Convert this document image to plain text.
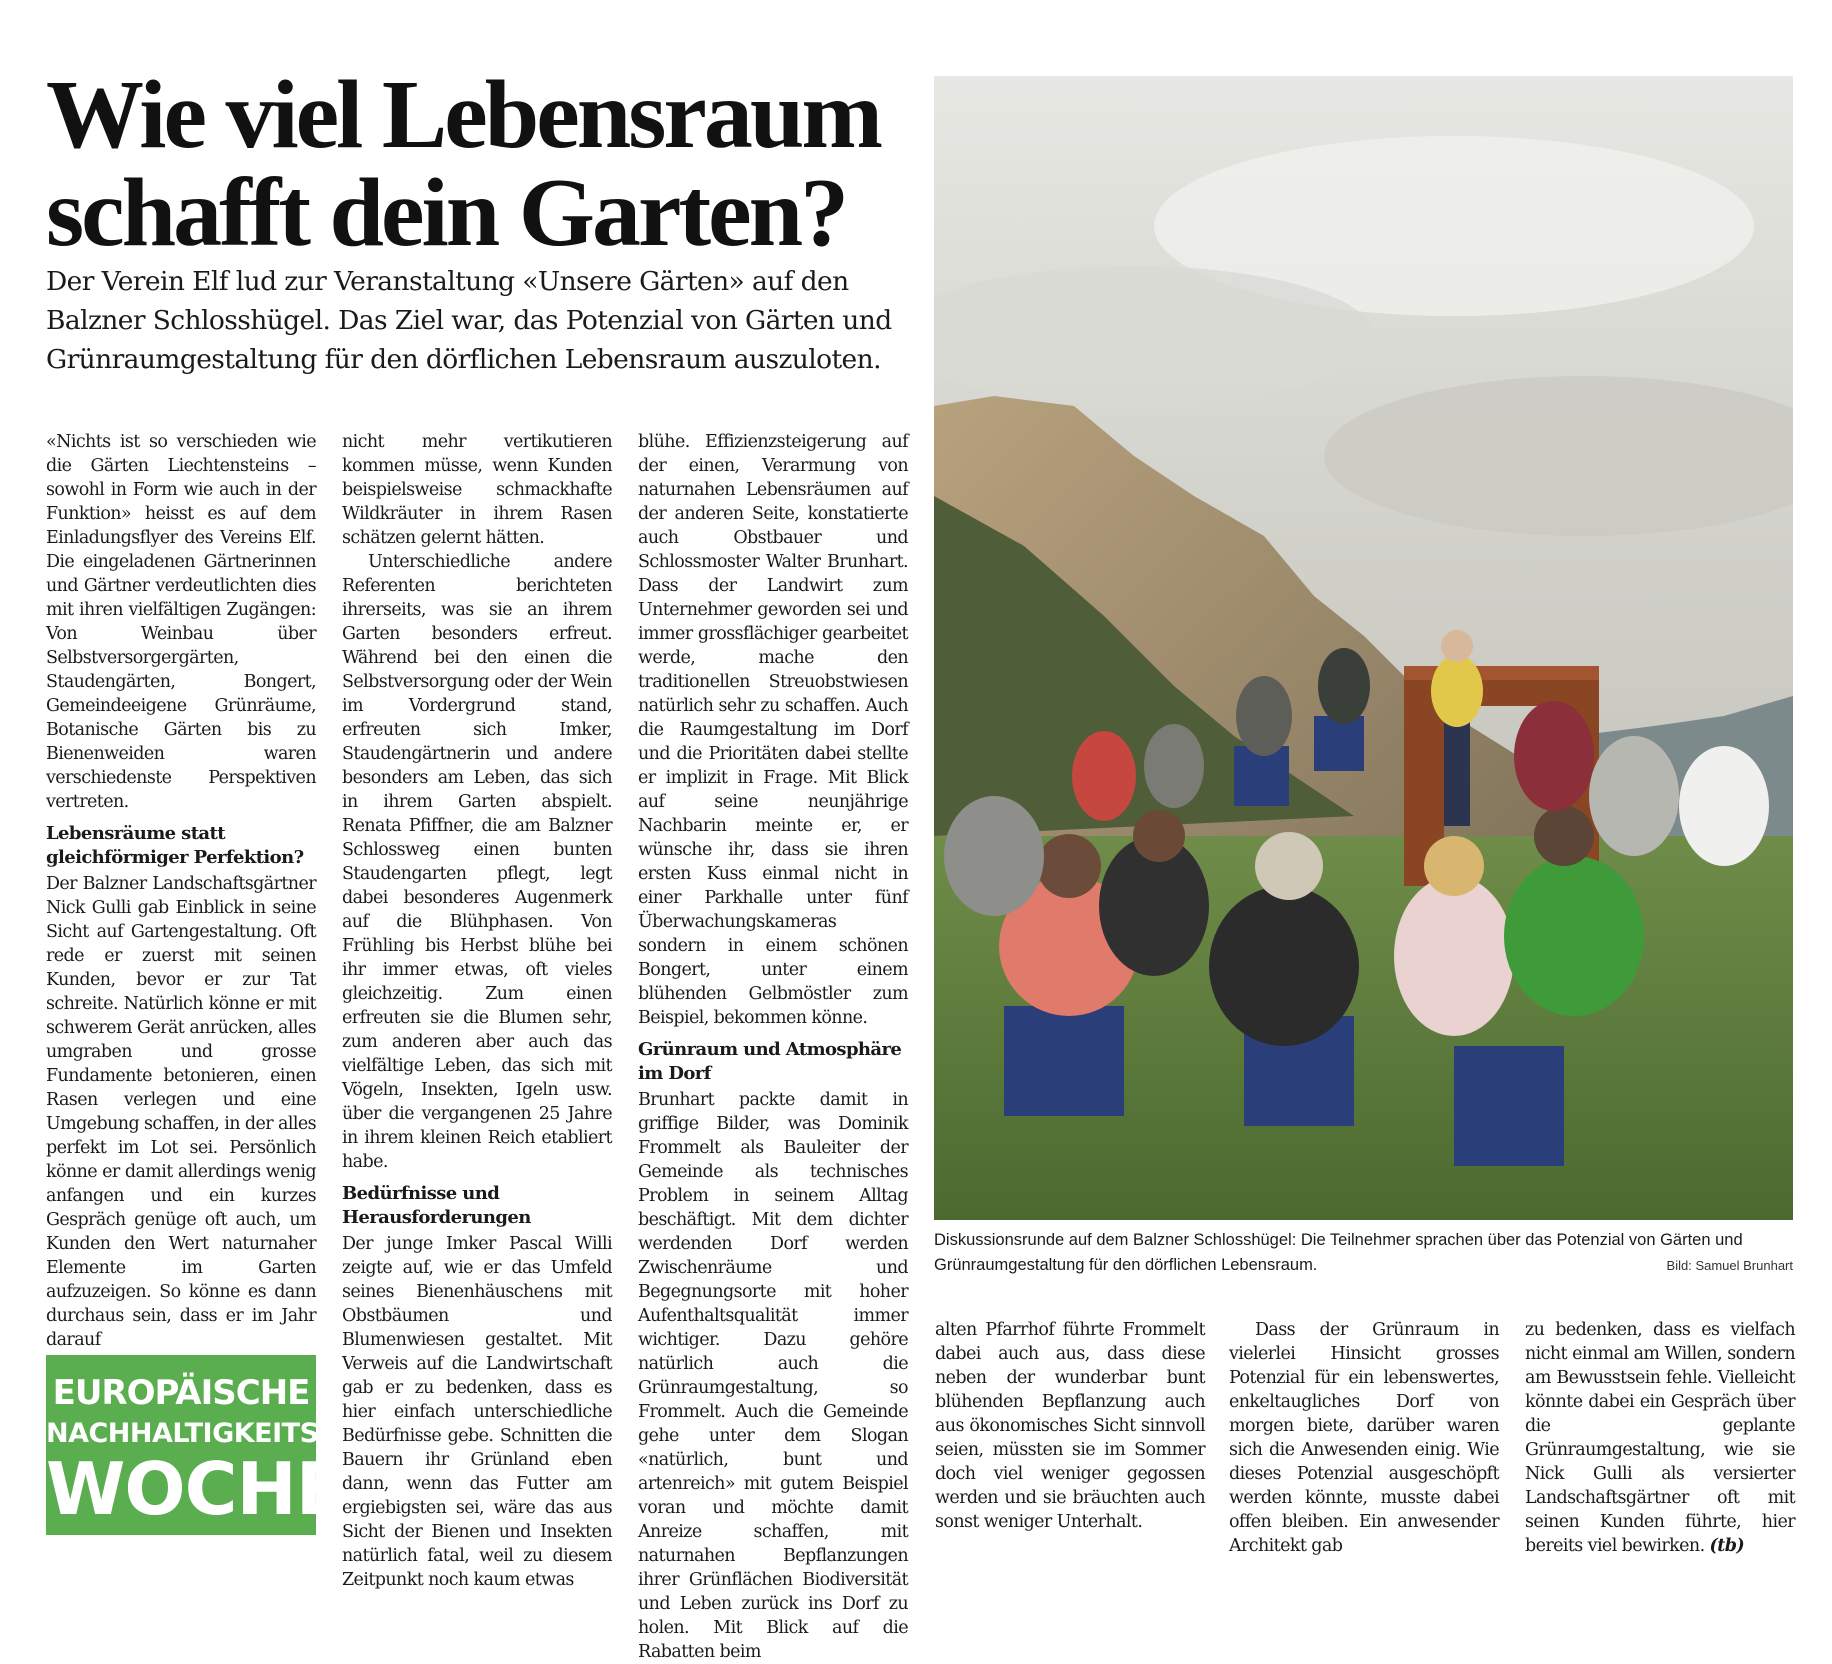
Wie viel Lebensraum
schafft dein Garten?

Der Verein Elf lud zur Veranstaltung «Unsere Gärten» auf den Balzner Schlosshügel. Das Ziel war, das Potenzial von Gärten und Grünraumgestaltung für den dörflichen Lebensraum auszuloten.

«Nichts ist so verschieden wie die Gärten Liechtensteins – sowohl in Form wie auch in der Funktion» heisst es auf dem Einladungsflyer des Vereins Elf. Die eingeladenen Gärtnerinnen und Gärtner verdeutlichten dies mit ihren vielfältigen Zugängen: Von Weinbau über Selbstversorgergärten, Staudengärten, Bongert, Gemeindeeigene Grünräume, Botanische Gärten bis zu Bienenweiden waren verschiedenste Perspektiven vertreten.

Lebensräume statt gleichförmiger Perfektion?

Der Balzner Landschaftsgärtner Nick Gulli gab Einblick in seine Sicht auf Gartengestaltung. Oft rede er zuerst mit seinen Kunden, bevor er zur Tat schreite. Natürlich könne er mit schwerem Gerät anrücken, alles umgraben und grosse Fundamente betonieren, einen Rasen verlegen und eine Umgebung schaffen, in der alles perfekt im Lot sei. Persönlich könne er damit allerdings wenig anfangen und ein kurzes Gespräch genüge oft auch, um Kunden den Wert naturnaher Elemente im Garten aufzuzeigen. So könne es dann durchaus sein, dass er im Jahr darauf

nicht mehr vertikutieren kommen müsse, wenn Kunden beispielsweise schmackhafte Wildkräuter in ihrem Rasen schätzen gelernt hätten.

Unterschiedliche andere Referenten berichteten ihrerseits, was sie an ihrem Garten besonders erfreut. Während bei den einen die Selbstversorgung oder der Wein im Vordergrund stand, erfreuten sich Imker, Staudengärtnerin und andere besonders am Leben, das sich in ihrem Garten abspielt. Renata Pfiffner, die am Balzner Schlossweg einen bunten Staudengarten pflegt, legt dabei besonderes Augenmerk auf die Blühphasen. Von Frühling bis Herbst blühe bei ihr immer etwas, oft vieles gleichzeitig. Zum einen erfreuten sie die Blumen sehr, zum anderen aber auch das vielfältige Leben, das sich mit Vögeln, Insekten, Igeln usw. über die vergangenen 25 Jahre in ihrem kleinen Reich etabliert habe.

Bedürfnisse und Herausforderungen

Der junge Imker Pascal Willi zeigte auf, wie er das Umfeld seines Bienenhäuschens mit Obstbäumen und Blumenwiesen gestaltet. Mit Verweis auf die Landwirtschaft gab er zu bedenken, dass es hier einfach unterschiedliche Bedürfnisse gebe. Schnitten die Bauern ihr Grünland eben dann, wenn das Futter am ergiebigsten sei, wäre das aus Sicht der Bienen und Insekten natürlich fatal, weil zu diesem Zeitpunkt noch kaum etwas

blühe. Effizienzsteigerung auf der einen, Verarmung von naturnahen Lebensräumen auf der anderen Seite, konstatierte auch Obstbauer und Schlossmoster Walter Brunhart. Dass der Landwirt zum Unternehmer geworden sei und immer grossflächiger gearbeitet werde, mache den traditionellen Streuobstwiesen natürlich sehr zu schaffen. Auch die Raumgestaltung im Dorf und die Prioritäten dabei stellte er implizit in Frage. Mit Blick auf seine neunjährige Nachbarin meinte er, er wünsche ihr, dass sie ihren ersten Kuss einmal nicht in einer Parkhalle unter fünf Überwachungskameras sondern in einem schönen Bongert, unter einem blühenden Gelbmöstler zum Beispiel, bekommen könne.

Grünraum und Atmosphäre im Dorf

Brunhart packte damit in griffige Bilder, was Dominik Frommelt als Bauleiter der Gemeinde als technisches Problem in seinem Alltag beschäftigt. Mit dem dichter werdenden Dorf werden Zwischenräume und Begegnungsorte mit hoher Aufenthaltsqualität immer wichtiger. Dazu gehöre natürlich auch die Grünraumgestaltung, so Frommelt. Auch die Gemeinde gehe unter dem Slogan «natürlich, bunt und artenreich» mit gutem Beispiel voran und möchte damit Anreize schaffen, mit naturnahen Bepflanzungen ihrer Grünflächen Biodiversität und Leben zurück ins Dorf zu holen. Mit Blick auf die Rabatten beim

alten Pfarrhof führte Frommelt dabei auch aus, dass diese neben der wunderbar bunt blühenden Bepflanzung auch aus ökonomisches Sicht sinnvoll seien, müssten sie im Sommer doch viel weniger gegossen werden und sie bräuchten auch sonst weniger Unterhalt.

Dass der Grünraum in vielerlei Hinsicht grosses Potenzial für ein lebenswertes, enkeltaugliches Dorf von morgen biete, darüber waren sich die Anwesenden einig. Wie dieses Potenzial ausgeschöpft werden könnte, musste dabei offen bleiben. Ein anwesender Architekt gab

zu bedenken, dass es vielfach nicht einmal am Willen, sondern am Bewusstsein fehle. Vielleicht könnte dabei ein Gespräch über die geplante Grünraumgestaltung, wie sie Nick Gulli als versierter Landschaftsgärtner oft mit seinen Kunden führte, hier bereits viel bewirken. (tb)

Diskussionsrunde auf dem Balzner Schlosshügel: Die Teilnehmer sprachen über das Potenzial von Gärten und Grünraumgestaltung für den dörflichen Lebensraum.	Bild: Samuel Brunhart
EUROPÄISCHE
NACHHALTIGKEITS
WOCHE
